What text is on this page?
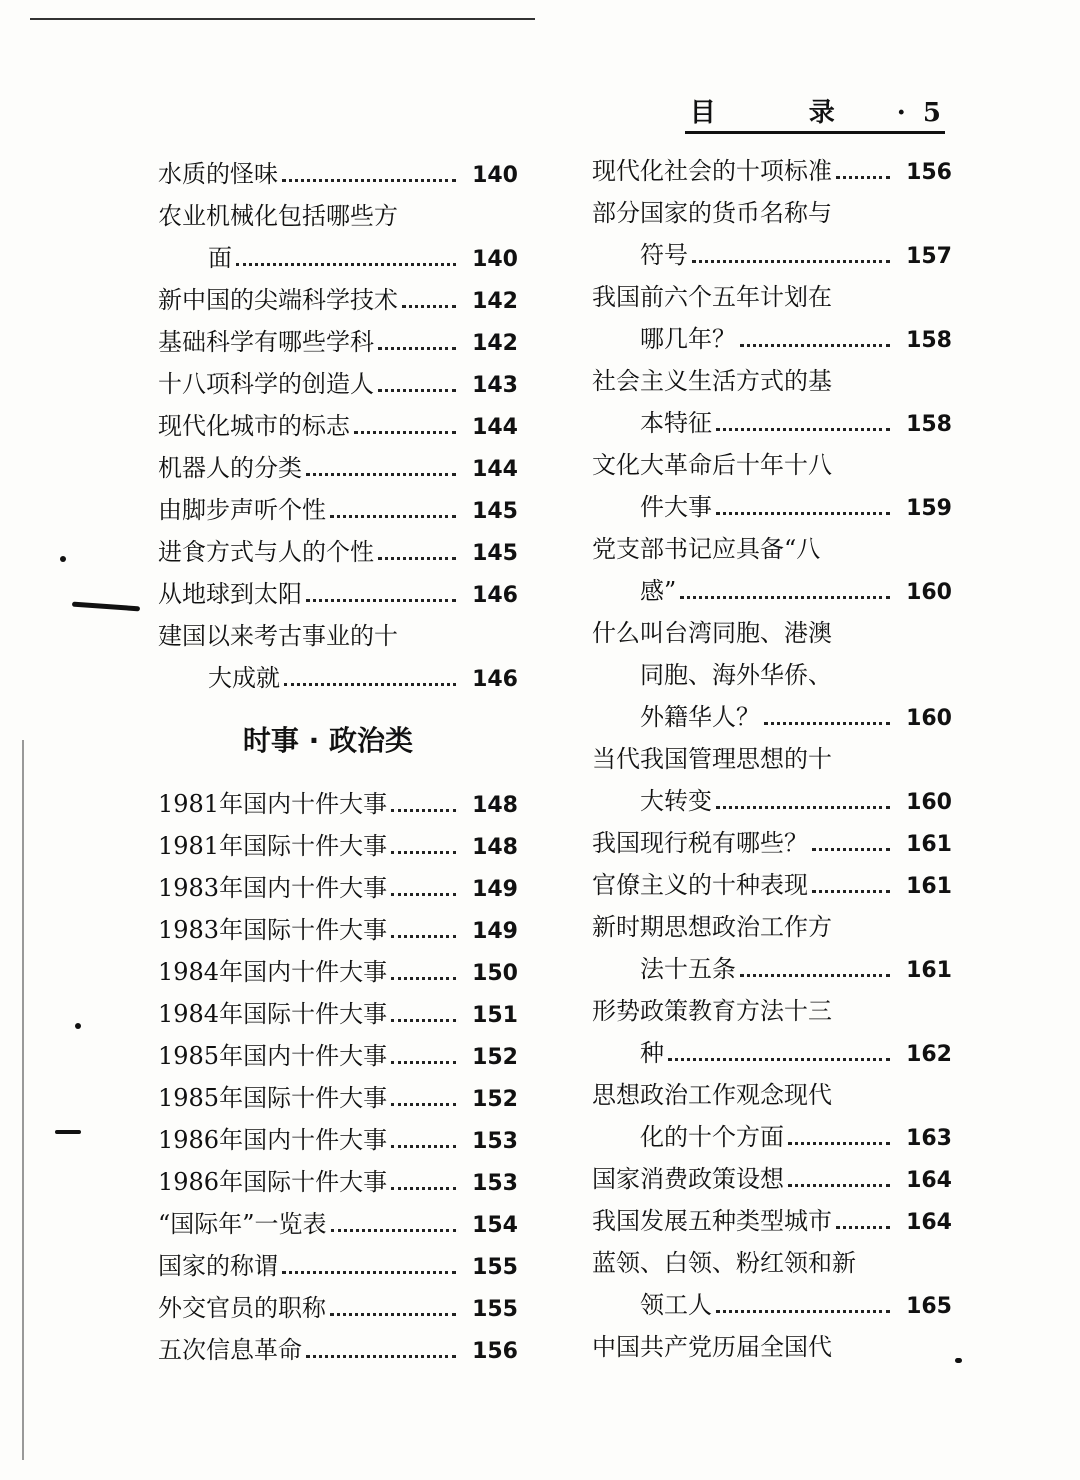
目 录 · 5
水质的怪味	140
农业机械化包括哪些方
面	140
新中国的尖端科学技术	142
基础科学有哪些学科	142
十八项科学的创造人	143
现代化城市的标志	144
机器人的分类	144
由脚步声听个性	145
进食方式与人的个性	145
从地球到太阳	146
建国以来考古事业的十
大成就	146
时事 · 政治类
1981年国内十件大事	148
1981年国际十件大事	148
1983年国内十件大事	149
1983年国际十件大事	149
1984年国内十件大事	150
1984年国际十件大事	151
1985年国内十件大事	152
1985年国际十件大事	152
1986年国内十件大事	153
1986年国际十件大事	153
“国际年”一览表	154
国家的称谓	155
外交官员的职称	155
五次信息革命	156
现代化社会的十项标准	156
部分国家的货币名称与
符号	157
我国前六个五年计划在
哪几年？	158
社会主义生活方式的基
本特征	158
文化大革命后十年十八
件大事	159
党支部书记应具备“八
感”	160
什么叫台湾同胞、港澳
同胞、海外华侨、
外籍华人？	160
当代我国管理思想的十
大转变	160
我国现行税有哪些？	161
官僚主义的十种表现	161
新时期思想政治工作方
法十五条	161
形势政策教育方法十三
种	162
思想政治工作观念现代
化的十个方面	163
国家消费政策设想	164
我国发展五种类型城市	164
蓝领、白领、粉红领和新
领工人	165
中国共产党历届全国代
